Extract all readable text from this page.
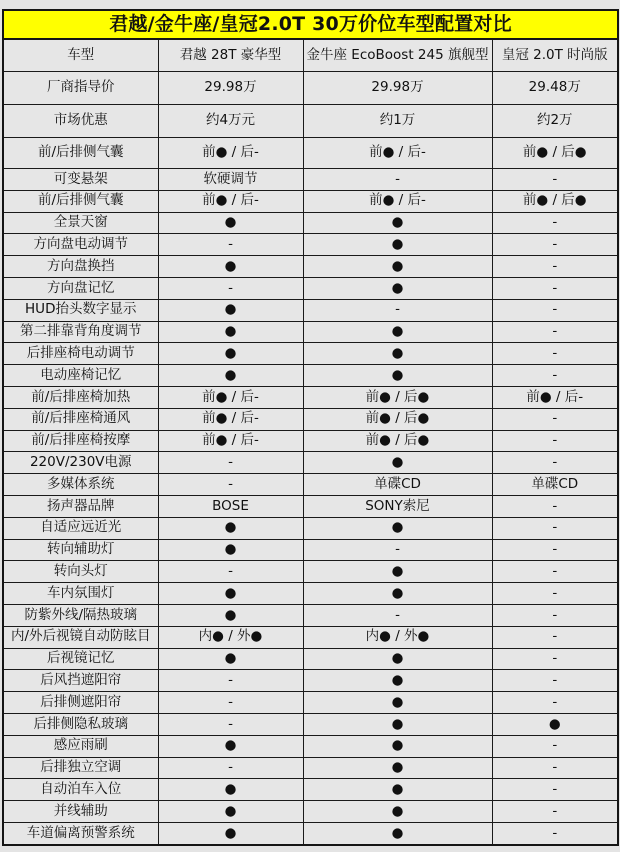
君越/金牛座/皇冠2.0T 30万价位车型配置对比			
车型	君越 28T 豪华型	金牛座 EcoBoost 245 旗舰型	皇冠 2.0T 时尚版
厂商指导价	29.98万	29.98万	29.48万
市场优惠	约4万元	约1万	约2万
前/后排侧气囊	前● / 后-	前● / 后-	前● / 后●
可变悬架	软硬调节	-	-
前/后排侧气囊	前● / 后-	前● / 后-	前● / 后●
全景天窗	●	●	-
方向盘电动调节	-	●	-
方向盘换挡	●	●	-
方向盘记忆	-	●	-
HUD抬头数字显示	●	-	-
第二排靠背角度调节	●	●	-
后排座椅电动调节	●	●	-
电动座椅记忆	●	●	-
前/后排座椅加热	前● / 后-	前● / 后●	前● / 后-
前/后排座椅通风	前● / 后-	前● / 后●	-
前/后排座椅按摩	前● / 后-	前● / 后●	-
220V/230V电源	-	●	-
多媒体系统	-	单碟CD	单碟CD
扬声器品牌	BOSE	SONY索尼	-
自适应远近光	●	●	-
转向辅助灯	●	-	-
转向头灯	-	●	-
车内氛围灯	●	●	-
防紫外线/隔热玻璃	●	-	-
内/外后视镜自动防眩目	内● / 外●	内● / 外●	-
后视镜记忆	●	●	-
后风挡遮阳帘	-	●	-
后排侧遮阳帘	-	●	-
后排侧隐私玻璃	-	●	●
感应雨刷	●	●	-
后排独立空调	-	●	-
自动泊车入位	●	●	-
并线辅助	●	●	-
车道偏离预警系统	●	●	-
